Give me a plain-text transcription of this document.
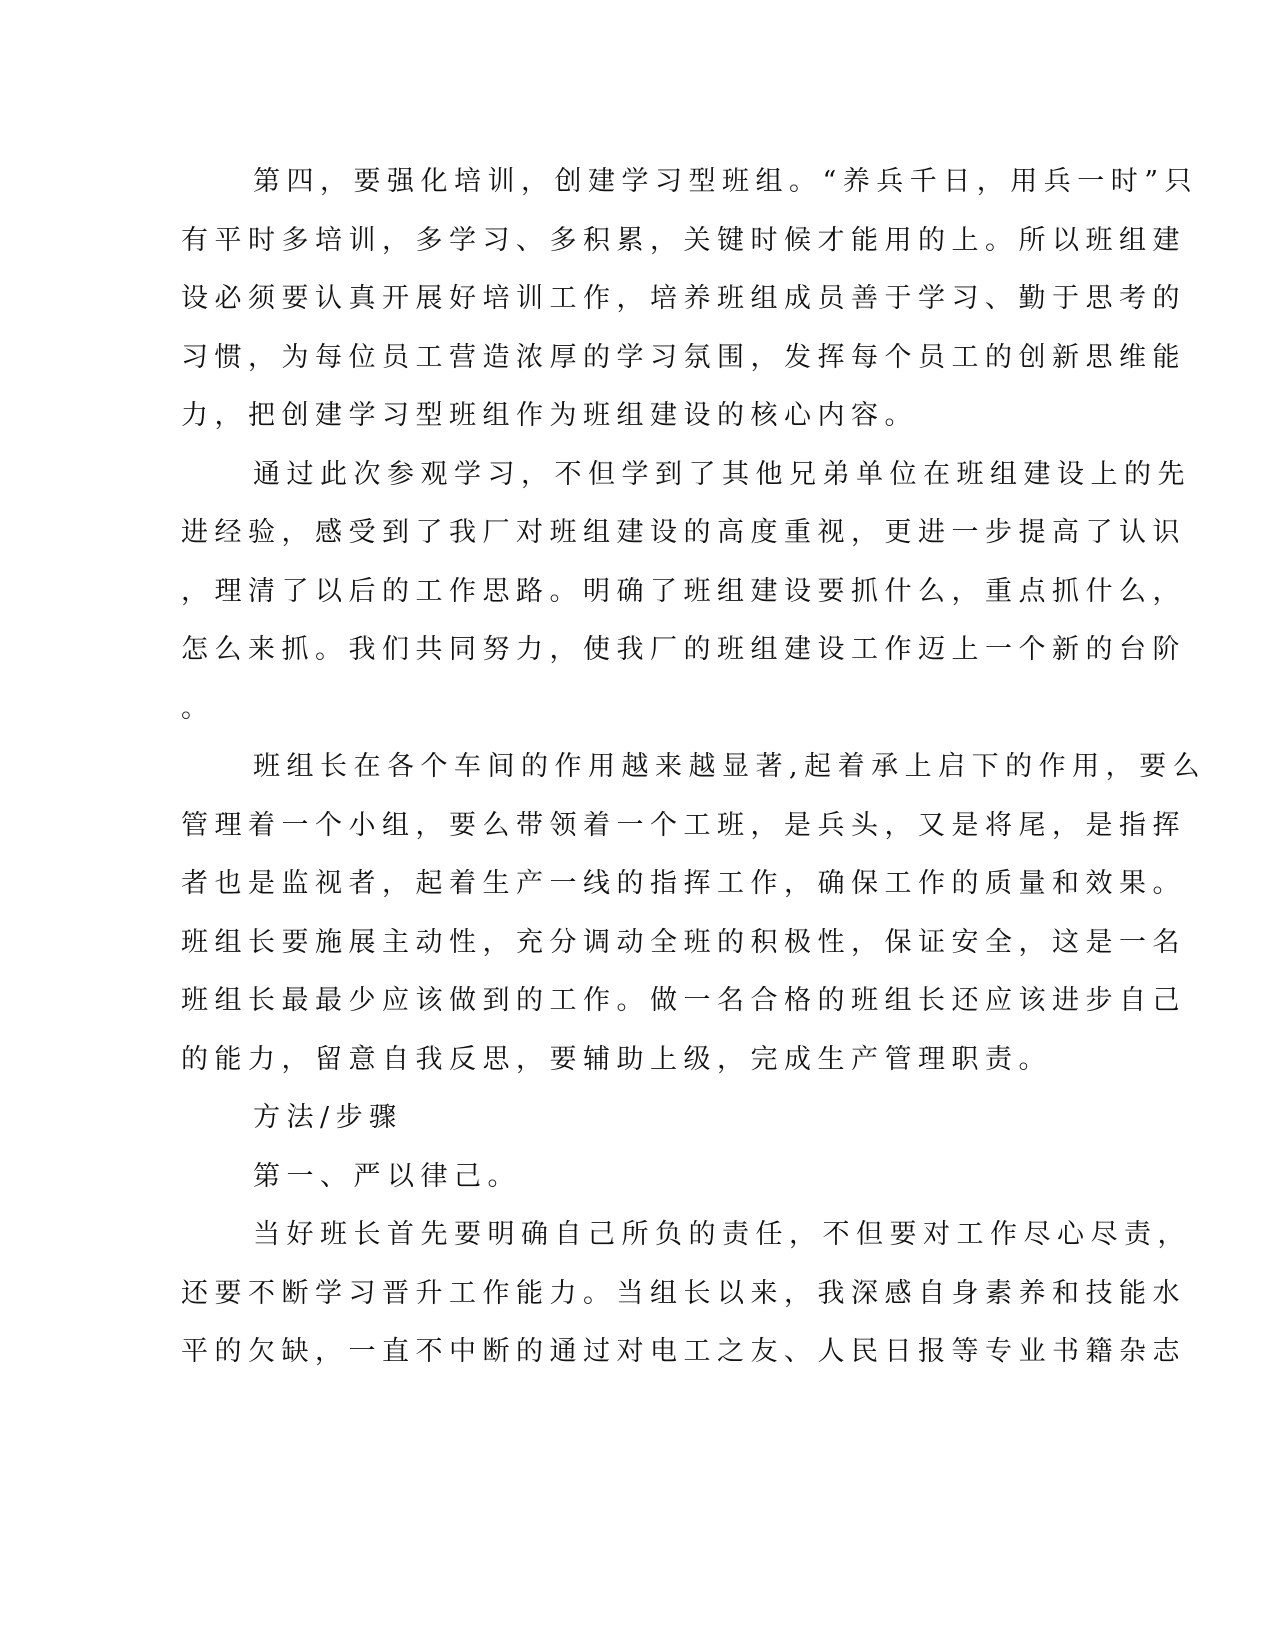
第四，要强化培训，创建学习型班组。“养兵千日，用兵一时”只

有平时多培训，多学习、多积累，关键时候才能用的上。所以班组建

设必须要认真开展好培训工作，培养班组成员善于学习、勤于思考的

习惯，为每位员工营造浓厚的学习氛围，发挥每个员工的创新思维能

力，把创建学习型班组作为班组建设的核心内容。

通过此次参观学习，不但学到了其他兄弟单位在班组建设上的先

进经验，感受到了我厂对班组建设的高度重视，更进一步提高了认识

，理清了以后的工作思路。明确了班组建设要抓什么，重点抓什么，

怎么来抓。我们共同努力，使我厂的班组建设工作迈上一个新的台阶

。

班组长在各个车间的作用越来越显著,起着承上启下的作用，要么

管理着一个小组，要么带领着一个工班，是兵头，又是将尾，是指挥

者也是监视者，起着生产一线的指挥工作，确保工作的质量和效果。

班组长要施展主动性，充分调动全班的积极性，保证安全，这是一名

班组长最最少应该做到的工作。做一名合格的班组长还应该进步自己

的能力，留意自我反思，要辅助上级，完成生产管理职责。

方法/步骤

第一、严以律己。

当好班长首先要明确自己所负的责任，不但要对工作尽心尽责，

还要不断学习晋升工作能力。当组长以来，我深感自身素养和技能水

平的欠缺，一直不中断的通过对电工之友、人民日报等专业书籍杂志
